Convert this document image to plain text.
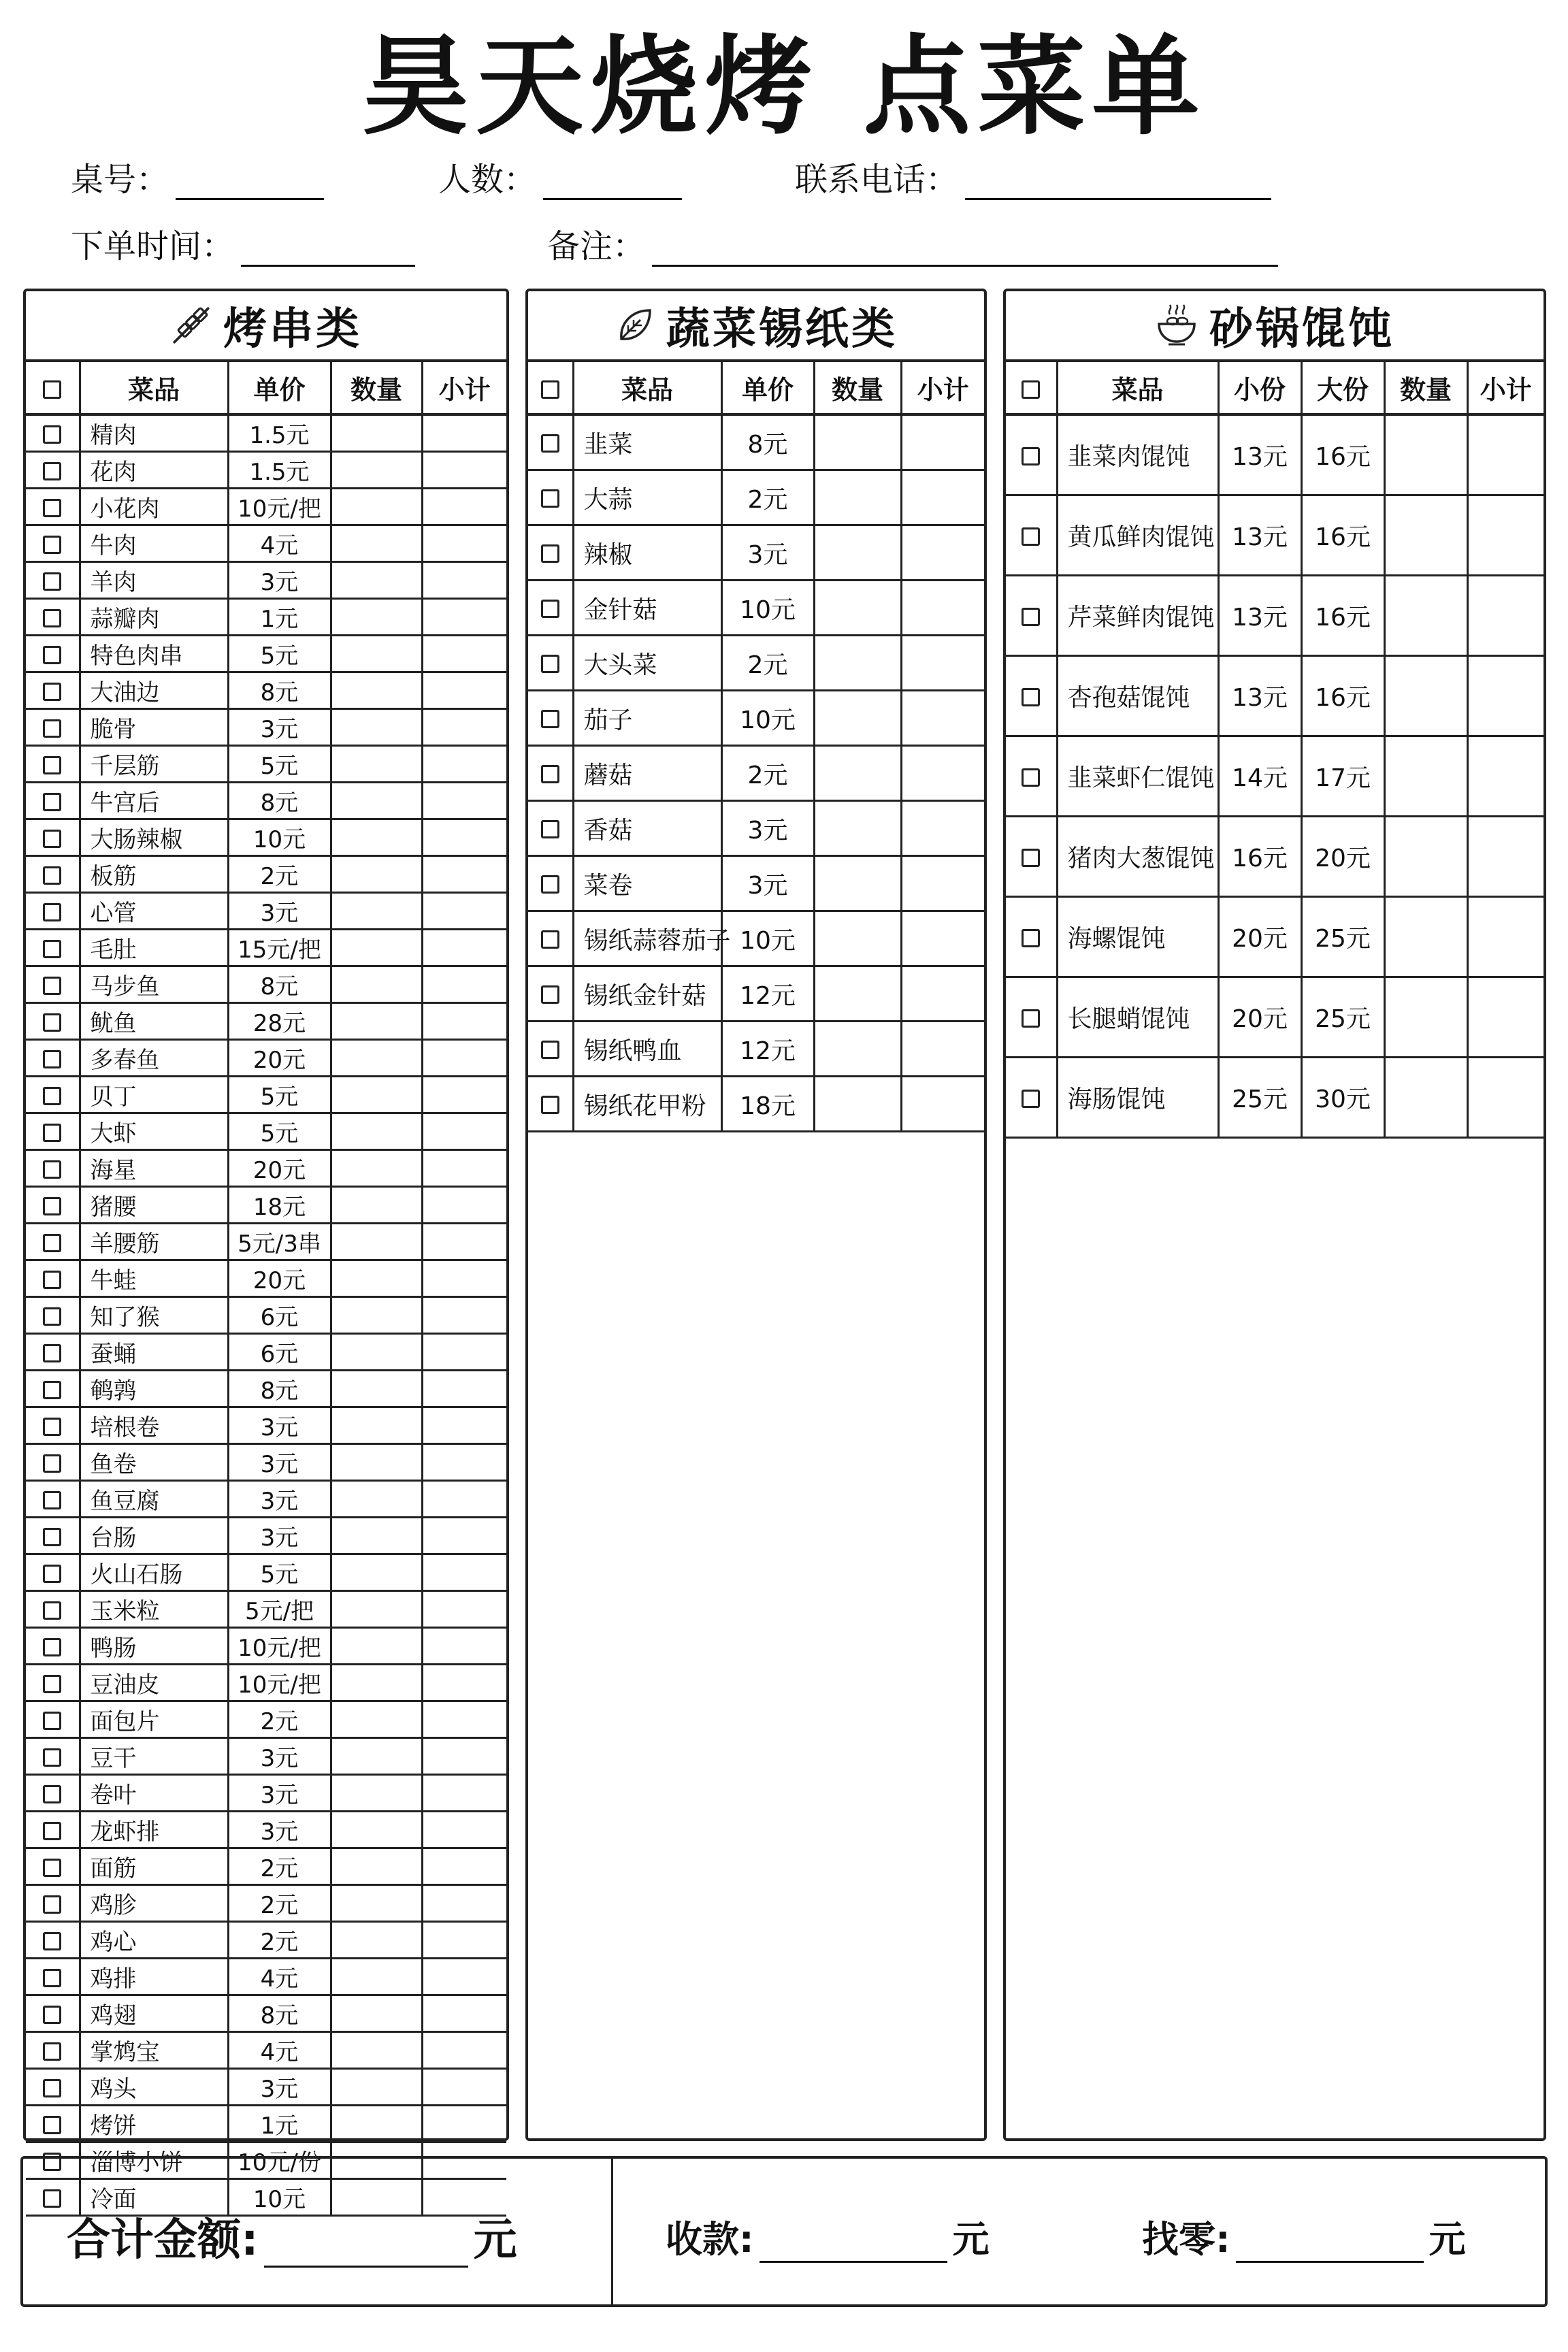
昊天烧烤 点菜单
桌号：	人数：	联系电话：
下单时间：	备注：
烤串类
	菜品	单价	数量	小计
	精肉	1.5元		
	花肉	1.5元		
	小花肉	10元/把		
	牛肉	4元		
	羊肉	3元		
	蒜瓣肉	1元		
	特色肉串	5元		
	大油边	8元		
	脆骨	3元		
	千层筋	5元		
	牛宫后	8元		
	大肠辣椒	10元		
	板筋	2元		
	心管	3元		
	毛肚	15元/把		
	马步鱼	8元		
	鱿鱼	28元		
	多春鱼	20元		
	贝丁	5元		
	大虾	5元		
	海星	20元		
	猪腰	18元		
	羊腰筋	5元/3串		
	牛蛙	20元		
	知了猴	6元		
	蚕蛹	6元		
	鹌鹑	8元		
	培根卷	3元		
	鱼卷	3元		
	鱼豆腐	3元		
	台肠	3元		
	火山石肠	5元		
	玉米粒	5元/把		
	鸭肠	10元/把		
	豆油皮	10元/把		
	面包片	2元		
	豆干	3元		
	卷叶	3元		
	龙虾排	3元		
	面筋	2元		
	鸡胗	2元		
	鸡心	2元		
	鸡排	4元		
	鸡翅	8元		
	掌鸩宝	4元		
	鸡头	3元		
	烤饼	1元		
	淄博小饼	10元/份		
	冷面	10元		
蔬菜锡纸类
	菜品	单价	数量	小计
	韭菜	8元		
	大蒜	2元		
	辣椒	3元		
	金针菇	10元		
	大头菜	2元		
	茄子	10元		
	蘑菇	2元		
	香菇	3元		
	菜卷	3元		
	锡纸蒜蓉茄子	10元		
	锡纸金针菇	12元		
	锡纸鸭血	12元		
	锡纸花甲粉	18元		
砂锅馄饨
	菜品	小份	大份	数量	小计
	韭菜肉馄饨	13元	16元		
	黄瓜鲜肉馄饨	13元	16元		
	芹菜鲜肉馄饨	13元	16元		
	杏孢菇馄饨	13元	16元		
	韭菜虾仁馄饨	14元	17元		
	猪肉大葱馄饨	16元	20元		
	海螺馄饨	20元	25元		
	长腿蛸馄饨	20元	25元		
	海肠馄饨	25元	30元		
合计金额:	元	收款:	元	找零:	元
